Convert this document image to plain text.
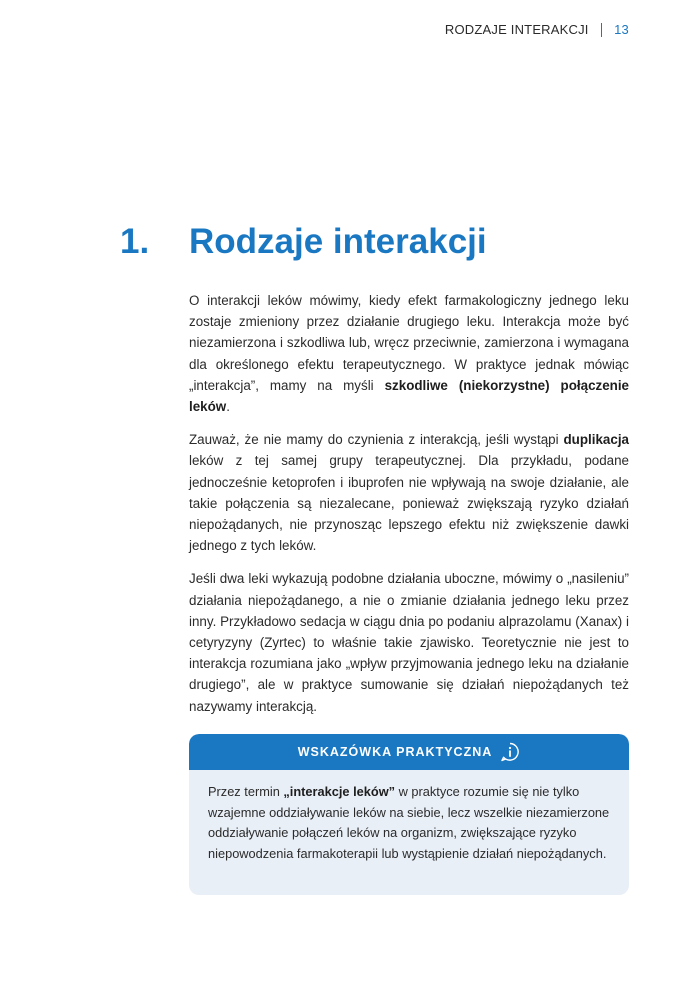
RODZAJE INTERAKCJI 13
1.	Rodzaje interakcji

O interakcji leków mówimy, kiedy efekt farmakologiczny jednego leku zostaje zmieniony przez działanie drugiego leku. Interakcja może być niezamierzona i szkodliwa lub, wręcz przeciwnie, zamierzona i wymagana dla określonego efektu terapeutycznego. W praktyce jednak mówiąc „interakcja”, mamy na myśli szkodliwe (niekorzystne) połączenie leków.

Zauważ, że nie mamy do czynienia z interakcją, jeśli wystąpi duplikacja leków z tej samej grupy terapeutycznej. Dla przykładu, podane jednocześnie ketoprofen i ibuprofen nie wpływają na swoje działanie, ale takie połączenia są niezalecane, ponieważ zwiększają ryzyko działań niepożądanych, nie przynosząc lepszego efektu niż zwiększenie dawki jednego z tych leków.

Jeśli dwa leki wykazują podobne działania uboczne, mówimy o „nasileniu” działania niepożądanego, a nie o zmianie działania jednego leku przez inny. Przykładowo sedacja w ciągu dnia po podaniu alprazolamu (Xanax) i cetyryzyny (Zyrtec) to właśnie takie zjawisko. Teoretycznie nie jest to interakcja rozumiana jako „wpływ przyjmowania jednego leku na działanie drugiego”, ale w praktyce sumowanie się działań niepożądanych też nazywamy interakcją.

WSKAZÓWKA PRAKTYCZNA
Przez termin „interakcje leków” w praktyce rozumie się nie tylko wzajemne oddziaływanie leków na siebie, lecz wszelkie niezamierzone oddziaływanie połączeń leków na organizm, zwiększające ryzyko niepowodzenia farmakoterapii lub wystąpienie działań niepożądanych.
